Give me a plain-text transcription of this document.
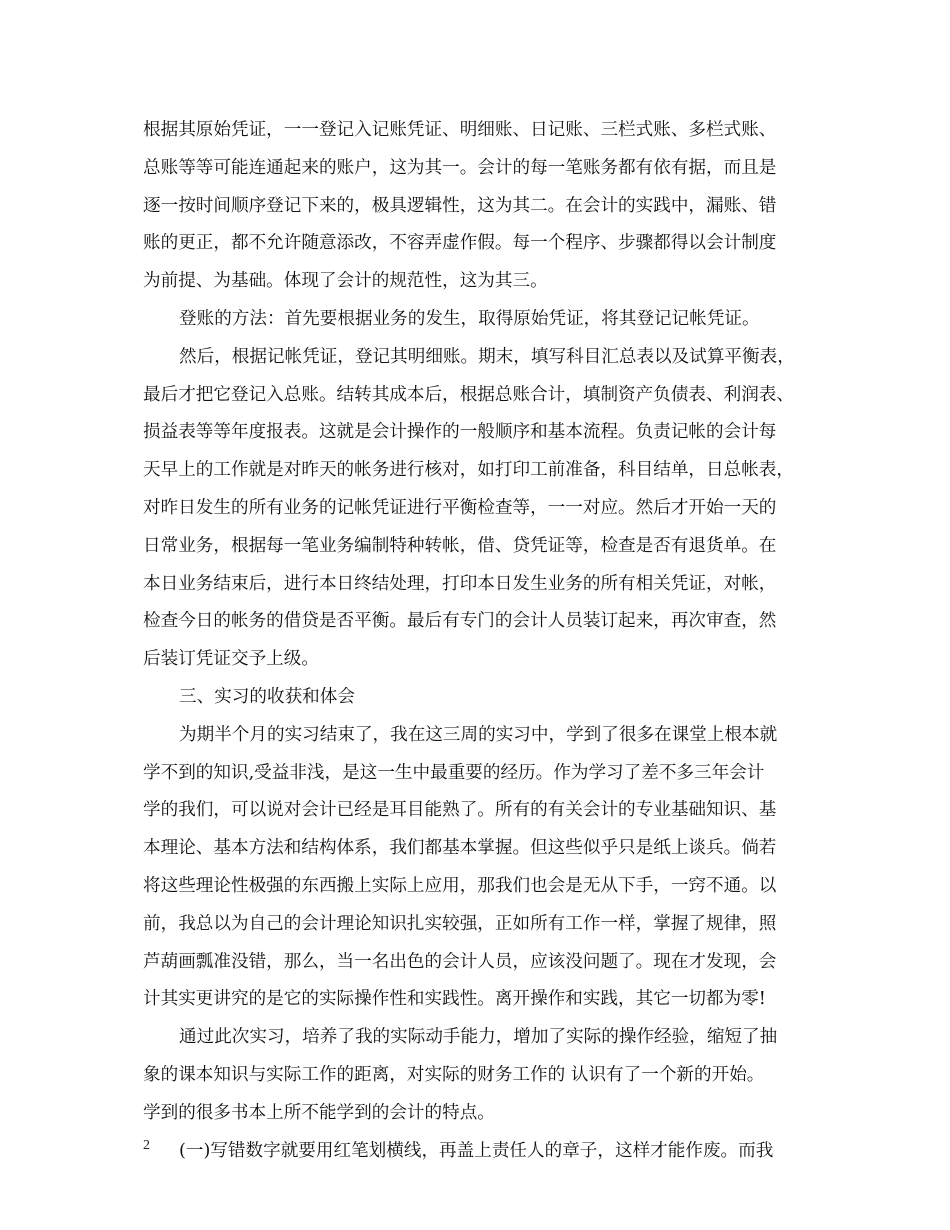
根据其原始凭证，一一登记入记账凭证、明细账、日记账、三栏式账、多栏式账、
总账等等可能连通起来的账户，这为其一。会计的每一笔账务都有依有据，而且是
逐一按时间顺序登记下来的，极具逻辑性，这为其二。在会计的实践中，漏账、错
账的更正，都不允许随意添改，不容弄虚作假。每一个程序、步骤都得以会计制度
为前提、为基础。体现了会计的规范性，这为其三。
登账的方法：首先要根据业务的发生，取得原始凭证，将其登记记帐凭证。
然后，根据记帐凭证，登记其明细账。期末，填写科目汇总表以及试算平衡表，
最后才把它登记入总账。结转其成本后，根据总账合计，填制资产负债表、利润表、
损益表等等年度报表。这就是会计操作的一般顺序和基本流程。负责记帐的会计每
天早上的工作就是对昨天的帐务进行核对，如打印工前准备，科目结单，日总帐表，
对昨日发生的所有业务的记帐凭证进行平衡检查等，一一对应。然后才开始一天的
日常业务，根据每一笔业务编制特种转帐，借、贷凭证等，检查是否有退货单。在
本日业务结束后，进行本日终结处理，打印本日发生业务的所有相关凭证，对帐，
检查今日的帐务的借贷是否平衡。最后有专门的会计人员装订起来，再次审查，然
后装订凭证交予上级。
三、实习的收获和体会
为期半个月的实习结束了，我在这三周的实习中，学到了很多在课堂上根本就
学不到的知识,受益非浅，是这一生中最重要的经历。作为学习了差不多三年会计
学的我们，可以说对会计已经是耳目能熟了。所有的有关会计的专业基础知识、基
本理论、基本方法和结构体系，我们都基本掌握。但这些似乎只是纸上谈兵。倘若
将这些理论性极强的东西搬上实际上应用，那我们也会是无从下手，一窍不通。以
前，我总以为自己的会计理论知识扎实较强，正如所有工作一样，掌握了规律，照
芦葫画瓢准没错，那么，当一名出色的会计人员，应该没问题了。现在才发现，会
计其实更讲究的是它的实际操作性和实践性。离开操作和实践，其它一切都为零!
通过此次实习，培养了我的实际动手能力，增加了实际的操作经验，缩短了抽
象的课本知识与实际工作的距离，对实际的财务工作的 认识有了一个新的开始。
学到的很多书本上所不能学到的会计的特点。
(一)写错数字就要用红笔划横线，再盖上责任人的章子，这样才能作废。而我
2
